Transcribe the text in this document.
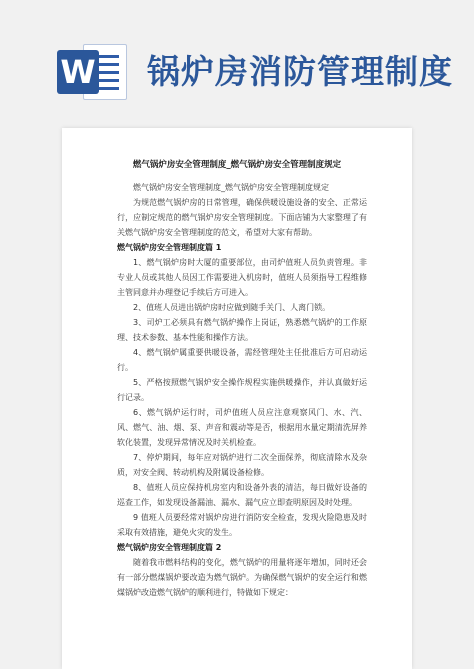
W 锅炉房消防管理制度
燃气锅炉房安全管理制度_燃气锅炉房安全管理制度规定

燃气锅炉房安全管理制度_燃气锅炉房安全管理制度规定

为规范燃气锅炉房的日常管理，确保供暖设施设备的安全、正常运行，应制定规范的燃气锅炉房安全管理制度。下面店铺为大家整理了有关燃气锅炉房安全管理制度的范文，希望对大家有帮助。

燃气锅炉房安全管理制度篇 1

1、燃气锅炉房时大厦的重要部位，由司炉值班人员负责管理。非专业人员或其他人员因工作需要进入机房时，值班人员须指导工程维修主管同意并办理登记手续后方可进入。

2、值班人员进出锅炉房时应做到随手关门、人离门锁。

3、司炉工必须具有燃气锅炉操作上岗证，熟悉燃气锅炉的工作原理、技术参数、基本性能和操作方法。

4、燃气锅炉属重要供暖设备，需经管理处主任批准后方可启动运行。

5、严格按照燃气锅炉安全操作规程实施供暖操作，并认真做好运行记录。

6、燃气锅炉运行时，司炉值班人员应注意观察风门、水、汽、风、燃气、油、烟、泵、声音和震动等是否，根据用水量定期清洗屏养软化装置，发现异常情况及时关机检查。

7、停炉期间，每年应对锅炉进行二次全面保养，彻底清除水及杂质，对安全阀、转动机构及附属设备检修。

8、值班人员应保持机房室内和设备外表的清洁，每日做好设备的巡查工作，如发现设备漏油、漏水、漏气应立即查明原因及时处理。

9 值班人员要经常对锅炉房进行消防安全检查，发现火险隐患及时采取有效措施，避免火灾的发生。

燃气锅炉房安全管理制度篇 2

随着我市燃料结构的变化，燃气锅炉的用量将逐年增加，同时还会有一部分燃煤锅炉要改造为燃气锅炉。为确保燃气锅炉的安全运行和燃煤锅炉改造燃气锅炉的顺利进行，特做如下规定：
